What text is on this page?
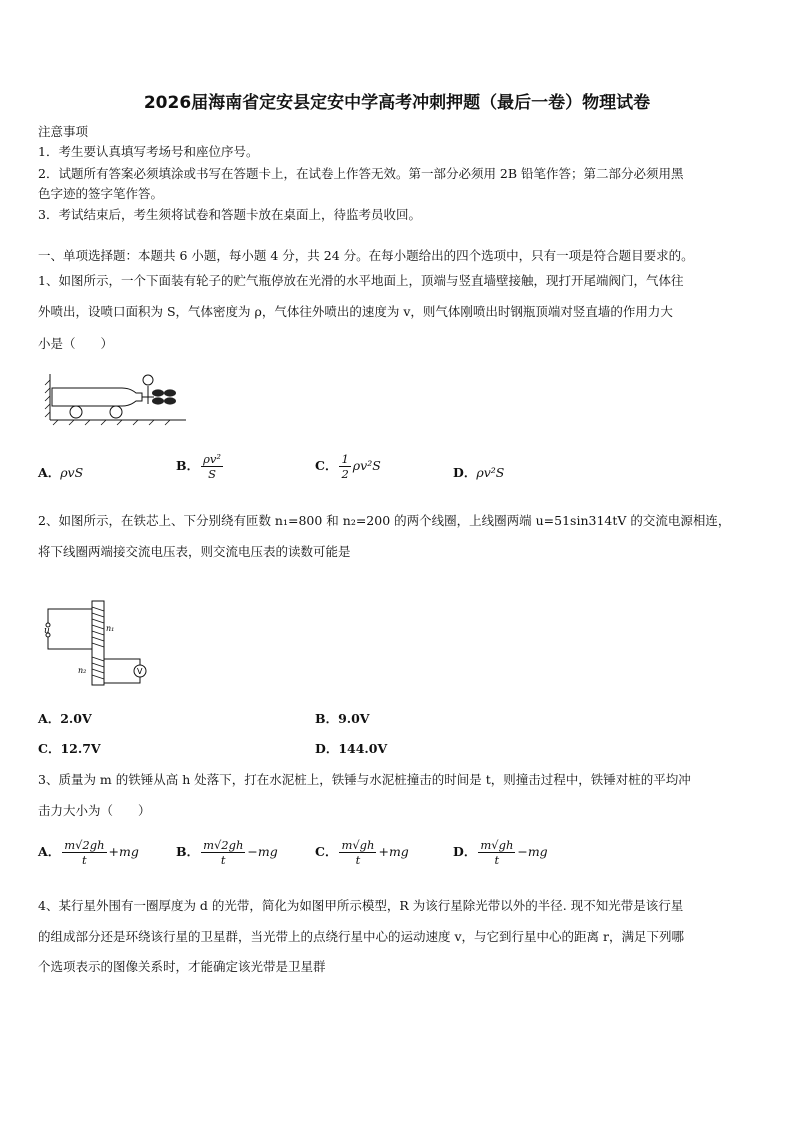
2026届海南省定安县定安中学高考冲刺押题（最后一卷）物理试卷
注意事项
1．考生要认真填写考场号和座位序号。
2．试题所有答案必须填涂或书写在答题卡上，在试卷上作答无效。第一部分必须用 2B 铅笔作答；第二部分必须用黑
色字迹的签字笔作答。
3．考试结束后，考生须将试卷和答题卡放在桌面上，待监考员收回。
一、单项选择题：本题共 6 小题，每小题 4 分，共 24 分。在每小题给出的四个选项中，只有一项是符合题目要求的。
1、如图所示，一个下面装有轮子的贮气瓶停放在光滑的水平地面上，顶端与竖直墙壁接触，现打开尾端阀门，气体往
外喷出，设喷口面积为 S，气体密度为 ρ，气体往外喷出的速度为 v，则气体刚喷出时钢瓶顶端对竖直墙的作用力大
小是（　　）
A．ρvS	B． $\frac{\text{ρv²}}{S}$	C． $\frac{1}{2} \rho v^2S$	D．ρv²S
2、如图所示，在铁芯上、下分别绕有匝数 n₁=800 和 n₂=200 的两个线圈，上线圈两端 u=51sin314tV 的交流电源相连，
将下线圈两端接交流电压表，则交流电压表的读数可能是
u	n₁
n₂	V
A．2.0V	B．9.0V
C．12.7V	D．144.0V
3、质量为 m 的铁锤从高 h 处落下，打在水泥桩上，铁锤与水泥桩撞击的时间是 t，则撞击过程中，铁锤对桩的平均冲
击力大小为（　　）
A． $\frac{m√2gh}{t} +mg$	B． $\frac{m√2gh}{t} -mg$	C． $\frac{m√gh}{t} +mg$	D． $\frac{m√gh}{t} -mg$
4、某行星外围有一圈厚度为 d 的光带，简化为如图甲所示模型，R 为该行星除光带以外的半径. 现不知光带是该行星
的组成部分还是环绕该行星的卫星群，当光带上的点绕行星中心的运动速度 v，与它到行星中心的距离 r，满足下列哪
个选项表示的图像关系时，才能确定该光带是卫星群
